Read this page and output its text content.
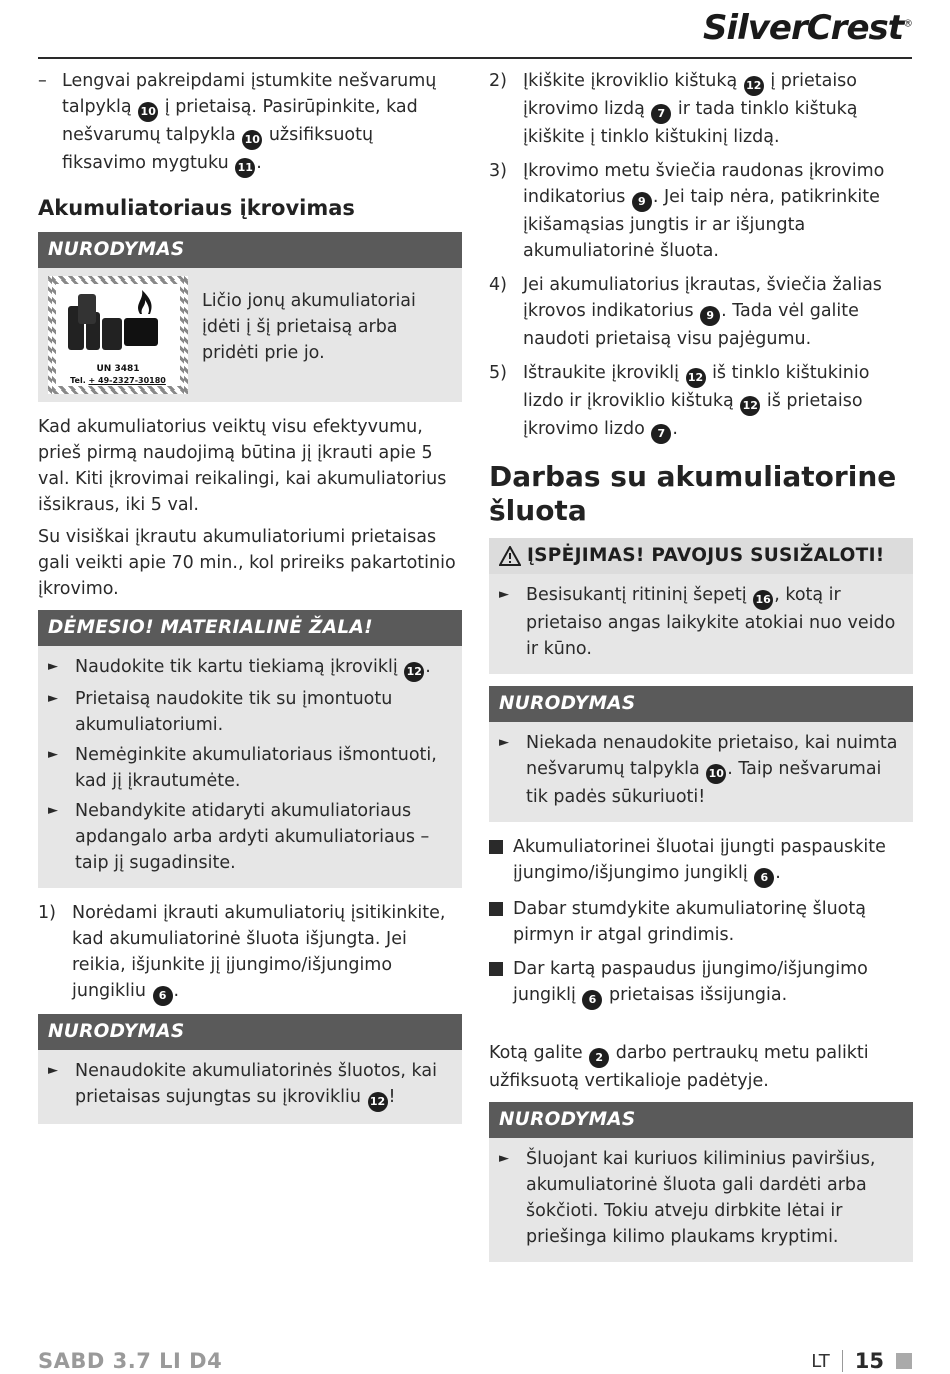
SilverCrest®
– Lengvai pakreipdami įstumkite nešvarumų talpyklą 10 į prietaisą. Pasirūpinkite, kad nešvarumų talpykla 10 užsifiksuotų fiksavimo mygtuku 11 .
Akumuliatoriaus įkrovimas
NURODYMAS
UN 3481
Tel. + 49-2327-30180
Ličio jonų akumuliatoriai įdėti į šį prietaisą arba pridėti prie jo.

Kad akumuliatorius veiktų visu efektyvumu, prieš pirmą naudojimą būtina jį įkrauti apie 5 val. Kiti įkrovimai reikalingi, kai akumuliatorius išsikraus, iki 5 val.

Su visiškai įkrautu akumuliatoriumi prietaisas gali veikti apie 70 min., kol prireiks pakartotinio įkrovimo.

DĖMESIO! MATERIALINĖ ŽALA!
► Naudokite tik kartu tiekiamą įkroviklį 12 .
► Prietaisą naudokite tik su įmontuotu akumuliatoriumi.
► Nemėginkite akumuliatoriaus išmontuoti, kad jį įkrautumėte.
► Nebandykite atidaryti akumuliatoriaus apdangalo arba ardyti akumuliatoriaus – taip jį sugadinsite.
1) Norėdami įkrauti akumuliatorių įsitikinkite, kad akumuliatorinė šluota išjungta. Jei reikia, išjunkite jį įjungimo/išjungimo jungikliu 6 .
NURODYMAS
► Nenaudokite akumuliatorinės šluotos, kai prietaisas sujungtas su įkrovikliu 12 !
2) Įkiškite įkroviklio kištuką 12 į prietaiso įkrovimo lizdą 7 ir tada tinklo kištuką įkiškite į tinklo kištukinį lizdą.
3) Įkrovimo metu šviečia raudonas įkrovimo indikatorius 9 . Jei taip nėra, patikrinkite įkišamąsias jungtis ir ar išjungta akumuliatorinė šluota.
4) Jei akumuliatorius įkrautas, šviečia žalias įkrovos indikatorius 9 . Tada vėl galite naudoti prietaisą visu pajėgumu.
5) Ištraukite įkroviklį 12 iš tinklo kištukinio lizdo ir įkroviklio kištuką 12 iš prietaiso įkrovimo lizdo 7 .
Darbas su akumuliatorine šluota
ĮSPĖJIMAS! PAVOJUS SUSIŽALOTI!
► Besisukantį ritininį šepetį 16 , kotą ir prietaiso angas laikykite atokiai nuo veido ir kūno.
NURODYMAS
► Niekada nenaudokite prietaiso, kai nuimta nešvarumų talpykla 10 . Taip nešvarumai tik padės sūkuriuoti!
Akumuliatorinei šluotai įjungti paspauskite įjungimo/išjungimo jungiklį 6 .
Dabar stumdykite akumuliatorinę šluotą pirmyn ir atgal grindimis.
Dar kartą paspaudus įjungimo/išjungimo jungiklį 6 prietaisas išsijungia.

Kotą galite 2 darbo pertraukų metu palikti užfiksuotą vertikalioje padėtyje.

NURODYMAS
► Šluojant kai kuriuos kiliminius paviršius, akumuliatorinė šluota gali dardėti arba šokčioti. Tokiu atveju dirbkite lėtai ir priešinga kilimo plaukams kryptimi.
SABD 3.7 LI D4	LT 15
